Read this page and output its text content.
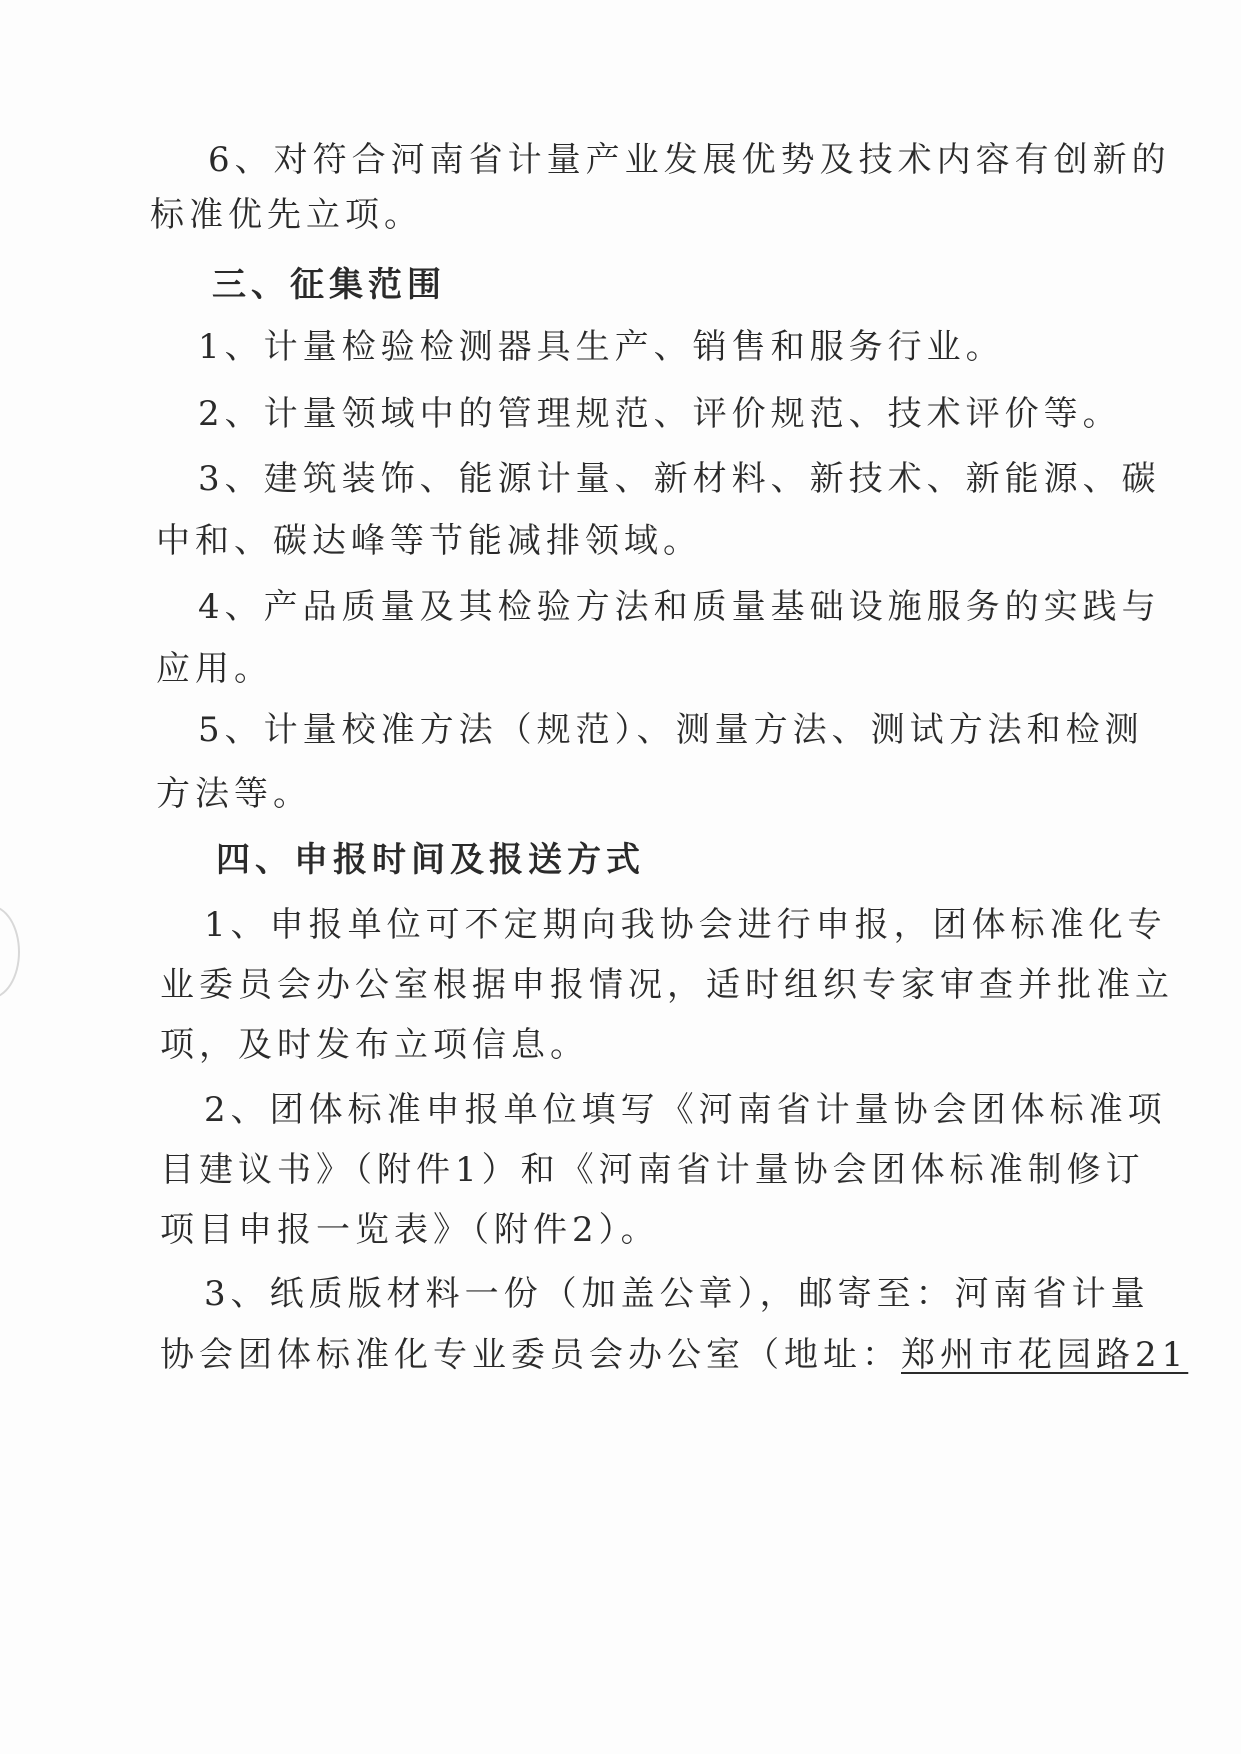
6、对符合河南省计量产业发展优势及技术内容有创新的
标准优先立项。
三、征集范围
1、计量检验检测器具生产、销售和服务行业。
2、计量领域中的管理规范、评价规范、技术评价等。
3、建筑装饰、能源计量、新材料、新技术、新能源、碳
中和、碳达峰等节能减排领域。
4、产品质量及其检验方法和质量基础设施服务的实践与
应用。
5、计量校准方法（规范）、测量方法、测试方法和检测
方法等。
四、申报时间及报送方式
1、申报单位可不定期向我协会进行申报，团体标准化专
业委员会办公室根据申报情况，适时组织专家审查并批准立
项，及时发布立项信息。
2、团体标准申报单位填写《河南省计量协会团体标准项
目建议书》（附件1）和《河南省计量协会团体标准制修订
项目申报一览表》（附件2）。
3、纸质版材料一份（加盖公章），邮寄至：河南省计量
协会团体标准化专业委员会办公室（地址：郑州市花园路21
